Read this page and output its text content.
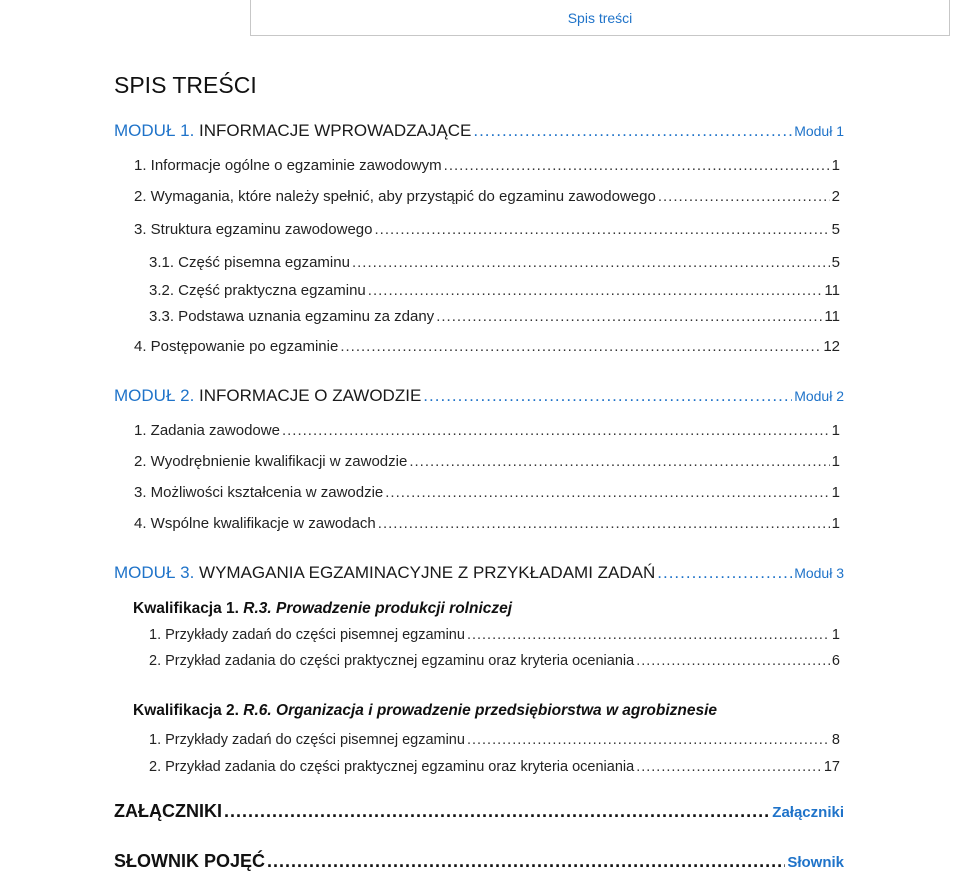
Spis treści
SPIS TREŚCI
MODUŁ 1. INFORMACJE WPROWADZAJĄCE .....	Moduł 1
1. Informacje ogólne o egzaminie zawodowym .....	1
2. Wymagania, które należy spełnić, aby przystąpić do egzaminu zawodowego .....	2
3. Struktura egzaminu zawodowego .....	5
3.1. Część pisemna egzaminu .....	5
3.2. Część praktyczna egzaminu .....	11
3.3. Podstawa uznania egzaminu za zdany .....	11
4. Postępowanie po egzaminie .....	12
MODUŁ 2. INFORMACJE O ZAWODZIE .....	Moduł 2
1. Zadania zawodowe .....	1
2. Wyodrębnienie kwalifikacji w zawodzie .....	1
3. Możliwości kształcenia w zawodzie .....	1
4. Wspólne kwalifikacje w zawodach .....	1
MODUŁ 3. WYMAGANIA EGZAMINACYJNE Z PRZYKŁADAMI ZADAŃ .....	Moduł 3
Kwalifikacja 1. R.3. Prowadzenie produkcji rolniczej
1. Przykłady zadań do części pisemnej egzaminu .....	1
2. Przykład zadania do części praktycznej egzaminu oraz kryteria oceniania .....	6
Kwalifikacja 2. R.6. Organizacja i prowadzenie przedsiębiorstwa w agrobiznesie
1. Przykłady zadań do części pisemnej egzaminu .....	8
2. Przykład zadania do części praktycznej egzaminu oraz kryteria oceniania .....	17
ZAŁĄCZNIKI .....	Załączniki
SŁOWNIK POJĘĆ .....	Słownik
